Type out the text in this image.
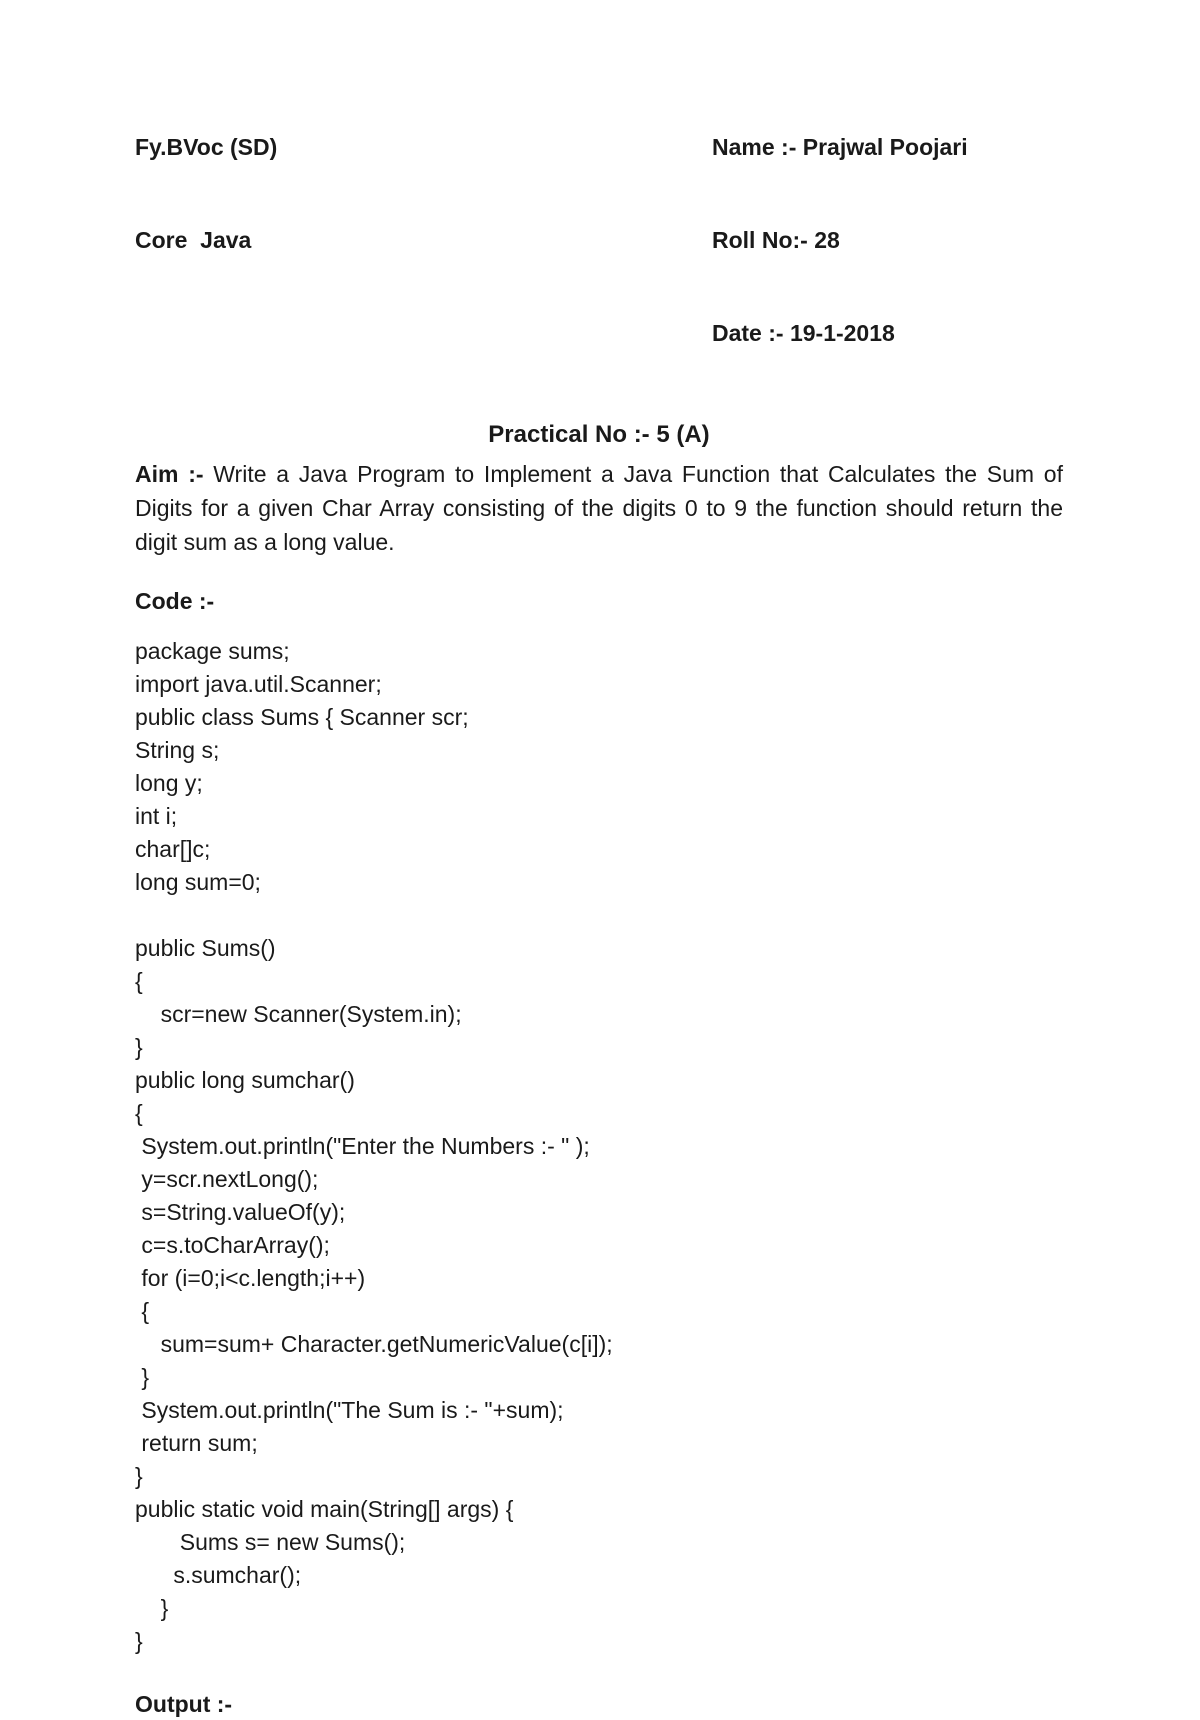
Fy.BVoc (SD)

Core  Java

Name :- Prajwal Poojari

Roll No:- 28

Date :- 19-1-2018

Practical No :- 5 (A)

Aim :- Write a Java Program to Implement a Java Function that Calculates the Sum of Digits for a given Char Array consisting of the digits 0 to 9 the function should return the digit sum as a long value.

Code :-
package sums;
import java.util.Scanner;
public class Sums { Scanner scr;
String s;
long y;
int i;
char[]c;
long sum=0;

public Sums()
{
scr=new Scanner(System.in);
}
public long sumchar()
{
System.out.println("Enter the Numbers :- " );
y=scr.nextLong();
s=String.valueOf(y);
c=s.toCharArray();
for (i=0;i<c.length;i++)
{
sum=sum+ Character.getNumericValue(c[i]);
}
System.out.println("The Sum is :- "+sum);
return sum;
}
public static void main(String[] args) {
Sums s= new Sums();
s.sumchar();
}
}
Output :-
